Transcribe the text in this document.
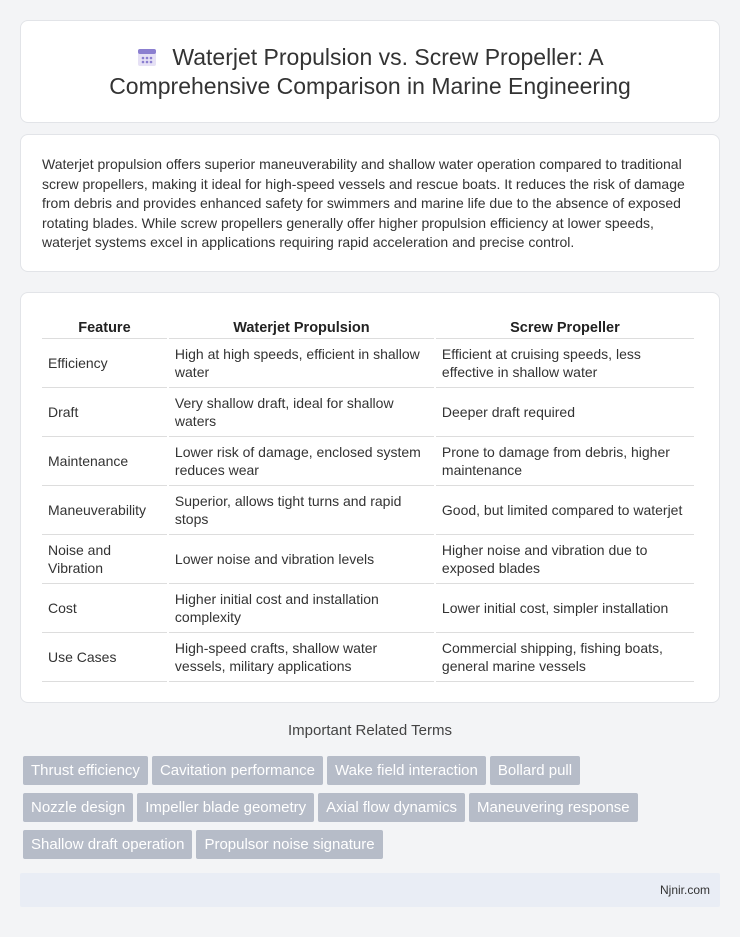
Waterjet Propulsion vs. Screw Propeller: A Comprehensive Comparison in Marine Engineering

Waterjet propulsion offers superior maneuverability and shallow water operation compared to traditional screw propellers, making it ideal for high-speed vessels and rescue boats. It reduces the risk of damage from debris and provides enhanced safety for swimmers and marine life due to the absence of exposed rotating blades. While screw propellers generally offer higher propulsion efficiency at lower speeds, waterjet systems excel in applications requiring rapid acceleration and precise control.

Feature	Waterjet Propulsion	Screw Propeller
Efficiency	High at high speeds, efficient in shallow water	Efficient at cruising speeds, less effective in shallow water
Draft	Very shallow draft, ideal for shallow waters	Deeper draft required
Maintenance	Lower risk of damage, enclosed system reduces wear	Prone to damage from debris, higher maintenance
Maneuverability	Superior, allows tight turns and rapid stops	Good, but limited compared to waterjet
Noise and Vibration	Lower noise and vibration levels	Higher noise and vibration due to exposed blades
Cost	Higher initial cost and installation complexity	Lower initial cost, simpler installation
Use Cases	High-speed crafts, shallow water vessels, military applications	Commercial shipping, fishing boats, general marine vessels
Important Related Terms
Thrust efficiency Cavitation performance Wake field interaction Bollard pull
Nozzle design Impeller blade geometry Axial flow dynamics Maneuvering response
Shallow draft operation Propulsor noise signature
Njnir.com
